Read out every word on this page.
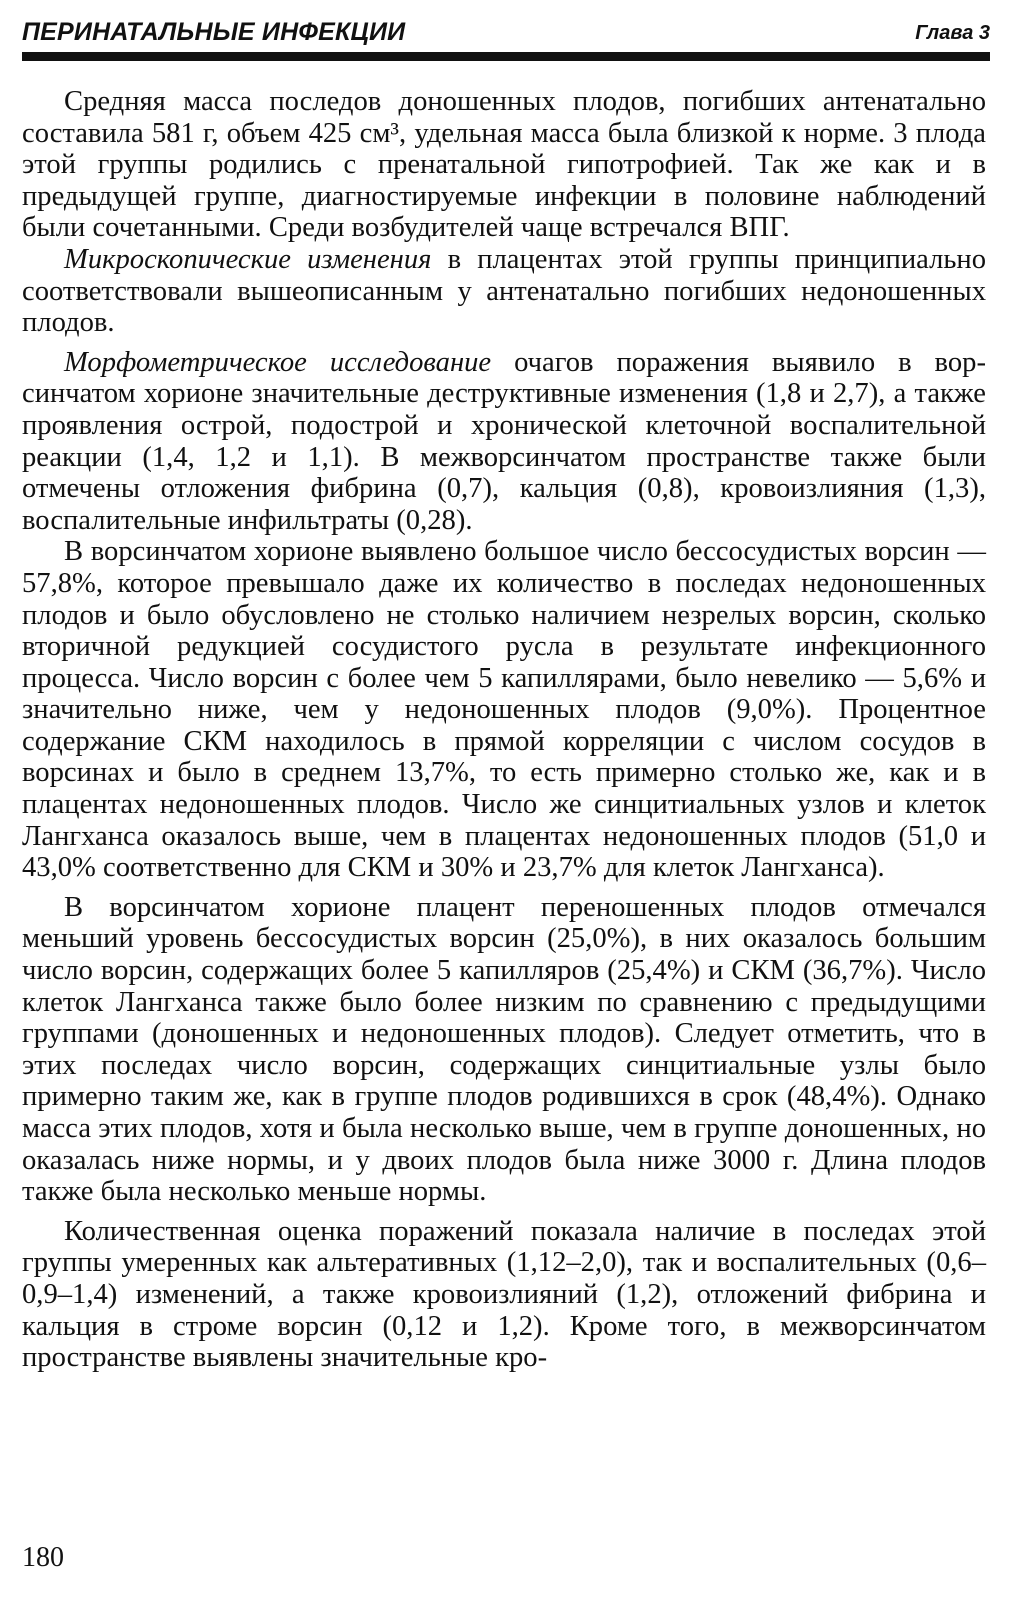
ПЕРИНАТАЛЬНЫЕ ИНФЕКЦИИ	Глава 3

Средняя масса последов доношенных плодов, погибших антенатально составила 581 г, объем 425 см³, удельная масса была близкой к норме. 3 плода этой группы родились с пренатальной гипотрофией. Так же как и в предыдущей группе, диагностируемые инфекции в половине наблюдений были сочетанными. Среди возбудителей чаще встречался ВПГ.

Микроскопические изменения в плацентах этой группы принципиально соответствовали вышеописанным у антенатально погибших недоношенных плодов.

Морфометрическое исследование очагов поражения выявило в ворсинчатом хорионе значительные деструктивные изменения (1,8 и 2,7), а также проявления острой, подострой и хронической клеточной воспалительной реакции (1,4, 1,2 и 1,1). В межворсинчатом пространстве также были отмечены отложения фибрина (0,7), кальция (0,8), кровоизлияния (1,3), воспалительные инфильтраты (0,28).

В ворсинчатом хорионе выявлено большое число бессосудистых ворсин — 57,8%, которое превышало даже их количество в последах недоношенных плодов и было обусловлено не столько наличием незрелых ворсин, сколько вторичной редукцией сосудистого русла в результате инфекционного процесса. Число ворсин с более чем 5 капиллярами, было невелико — 5,6% и значительно ниже, чем у недоношенных плодов (9,0%). Процентное содержание СКМ находилось в прямой корреляции с числом сосудов в ворсинах и было в среднем 13,7%, то есть примерно столько же, как и в плацентах недоношенных плодов. Число же синцитиальных узлов и клеток Лангханса оказалось выше, чем в плацентах недоношенных плодов (51,0 и 43,0% соответственно для СКМ и 30% и 23,7% для клеток Лангханса).

В ворсинчатом хорионе плацент переношенных плодов отмечался меньший уровень бессосудистых ворсин (25,0%), в них оказалось большим число ворсин, содержащих более 5 капилляров (25,4%) и СКМ (36,7%). Число клеток Лангханса также было более низким по сравнению с предыдущими группами (доношенных и недоношенных плодов). Следует отметить, что в этих последах число ворсин, содержащих синцитиальные узлы было примерно таким же, как в группе плодов родившихся в срок (48,4%). Однако масса этих плодов, хотя и была несколько выше, чем в группе доношенных, но оказалась ниже нормы, и у двоих плодов была ниже 3000 г. Длина плодов также была несколько меньше нормы.

Количественная оценка поражений показала наличие в последах этой группы умеренных как альтеративных (1,12–2,0), так и воспалительных (0,6–0,9–1,4) изменений, а также кровоизлияний (1,2), отложений фибрина и кальция в строме ворсин (0,12 и 1,2). Кроме того, в межворсинчатом пространстве выявлены значительные кро-

180
